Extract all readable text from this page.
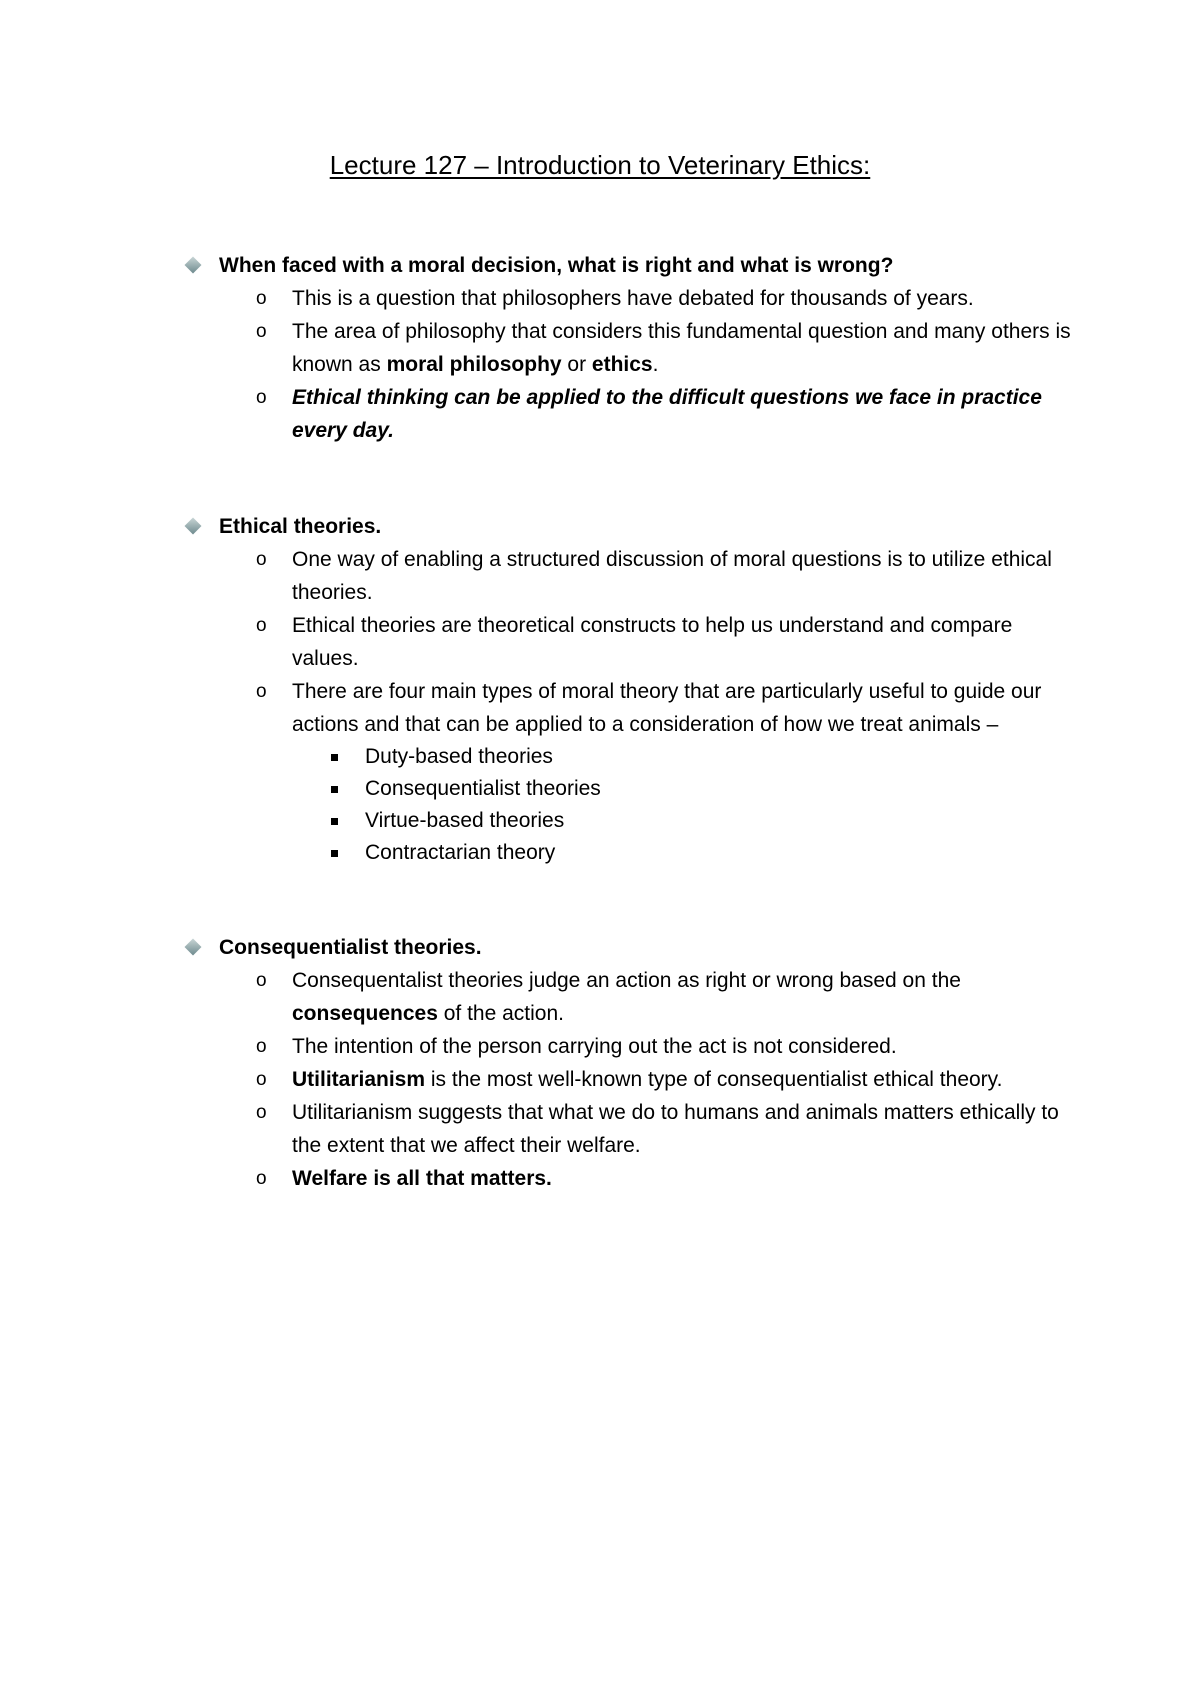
Lecture 127 – Introduction to Veterinary Ethics:
When faced with a moral decision, what is right and what is wrong?
o This is a question that philosophers have debated for thousands of years.
o The area of philosophy that considers this fundamental question and many others is known as moral philosophy or ethics.
o Ethical thinking can be applied to the difficult questions we face in practice every day.
Ethical theories.
o One way of enabling a structured discussion of moral questions is to utilize ethical theories.
o Ethical theories are theoretical constructs to help us understand and compare values.
o There are four main types of moral theory that are particularly useful to guide our actions and that can be applied to a consideration of how we treat animals –
Duty-based theories
Consequentialist theories
Virtue-based theories
Contractarian theory
Consequentialist theories.
o Consequentalist theories judge an action as right or wrong based on the consequences of the action.
o The intention of the person carrying out the act is not considered.
o Utilitarianism is the most well-known type of consequentialist ethical theory.
o Utilitarianism suggests that what we do to humans and animals matters ethically to the extent that we affect their welfare.
o Welfare is all that matters.
